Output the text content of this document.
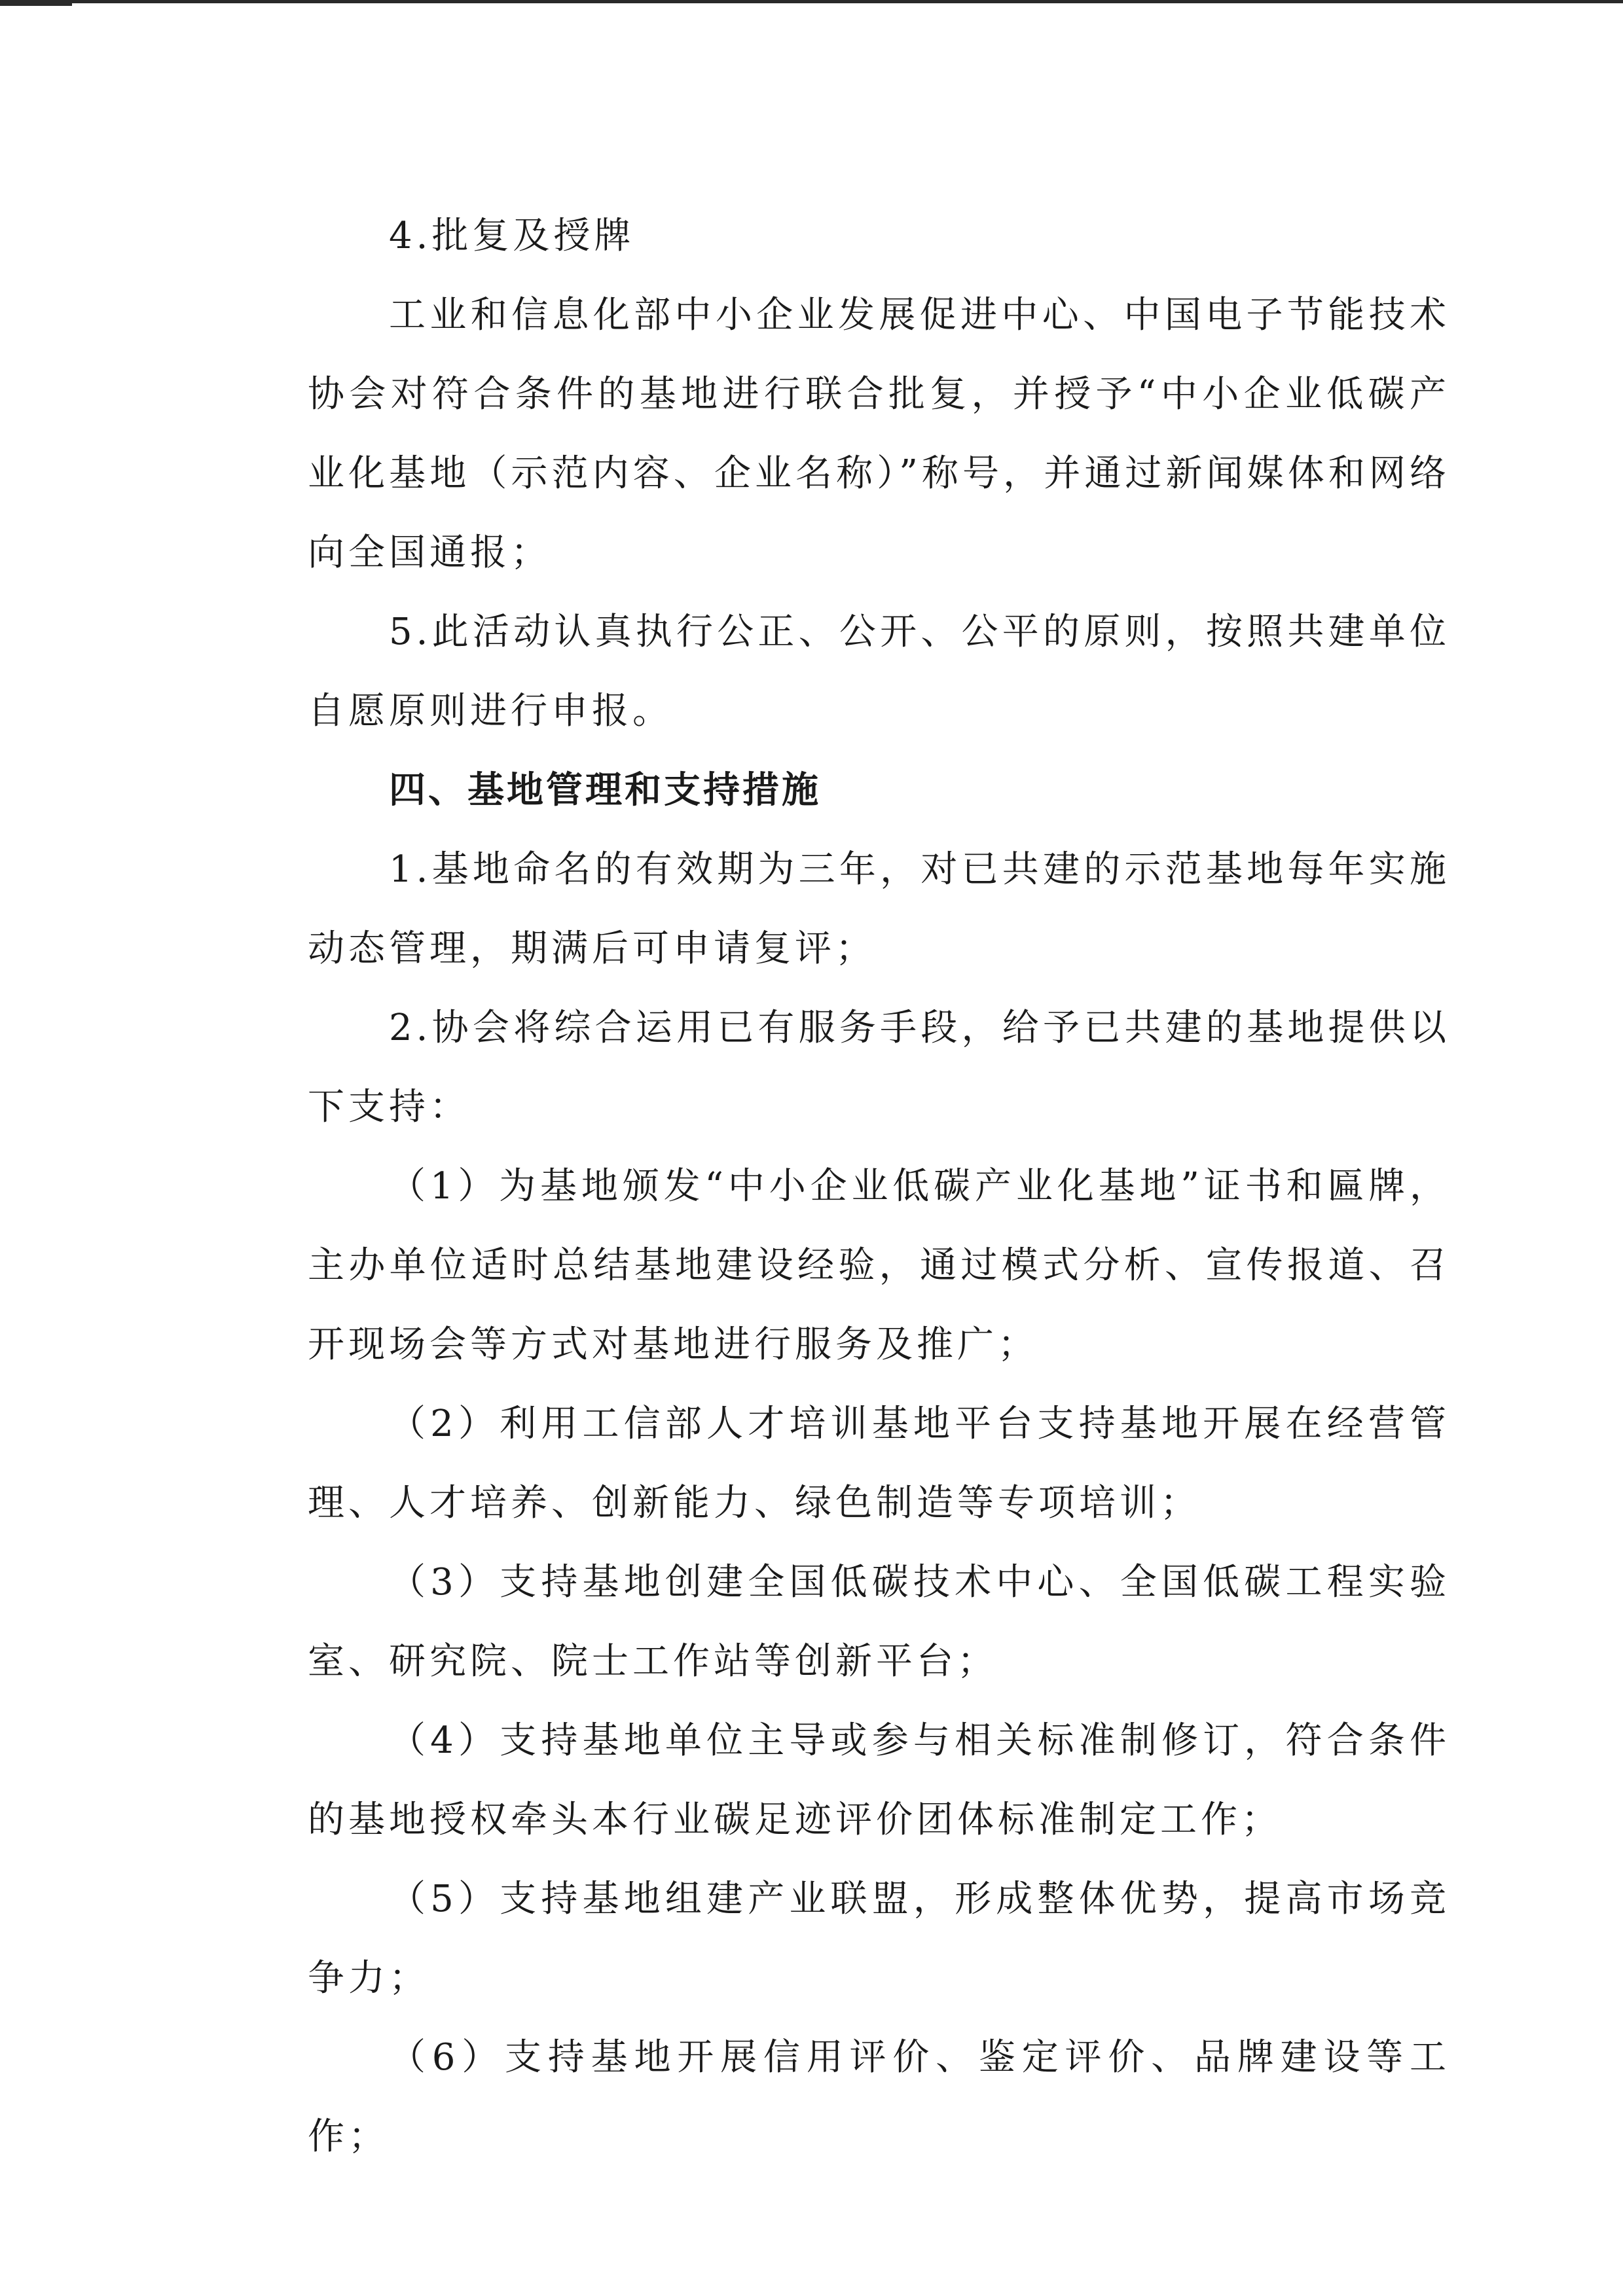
4.批复及授牌

工业和信息化部中小企业发展促进中心、中国电子节能技术协会对符合条件的基地进行联合批复，并授予“中小企业低碳产业化基地（示范内容、企业名称）”称号，并通过新闻媒体和网络向全国通报；

5.此活动认真执行公正、公开、公平的原则，按照共建单位自愿原则进行申报。

四、基地管理和支持措施

1.基地命名的有效期为三年，对已共建的示范基地每年实施动态管理，期满后可申请复评；

2.协会将综合运用已有服务手段，给予已共建的基地提供以下支持：

（1）为基地颁发“中小企业低碳产业化基地”证书和匾牌，主办单位适时总结基地建设经验，通过模式分析、宣传报道、召开现场会等方式对基地进行服务及推广；

（2）利用工信部人才培训基地平台支持基地开展在经营管理、人才培养、创新能力、绿色制造等专项培训；

（3）支持基地创建全国低碳技术中心、全国低碳工程实验室、研究院、院士工作站等创新平台；

（4）支持基地单位主导或参与相关标准制修订，符合条件的基地授权牵头本行业碳足迹评价团体标准制定工作；

（5）支持基地组建产业联盟，形成整体优势，提高市场竞争力；

（6）支持基地开展信用评价、鉴定评价、品牌建设等工作；
